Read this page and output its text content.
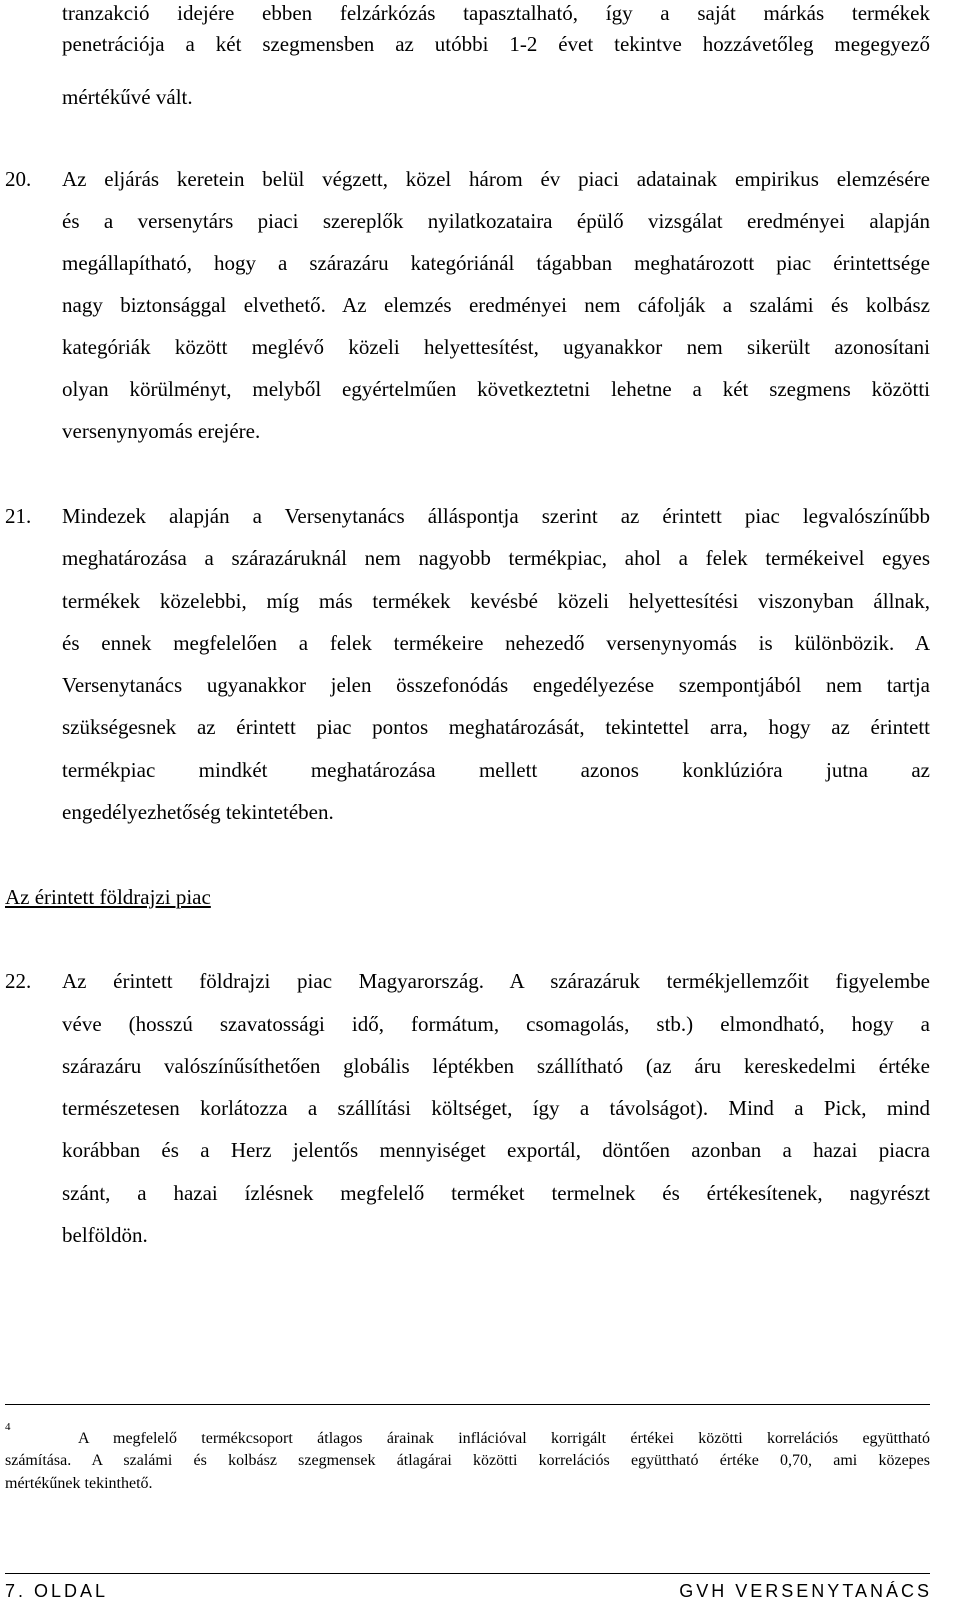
tranzakció idejére ebben felzárkózás tapasztalható, így a saját márkás termékek
penetrációja a két szegmensben az utóbbi 1-2 évet tekintve hozzávetőleg megegyező
mértékűvé vált.
20. Az eljárás keretein belül végzett, közel három év piaci adatainak empirikus elemzésére
és a versenytárs piaci szereplők nyilatkozataira épülő vizsgálat eredményei alapján
megállapítható, hogy a szárazáru kategóriánál tágabban meghatározott piac érintettsége
nagy biztonsággal elvethető. Az elemzés eredményei nem cáfolják a szalámi és kolbász
kategóriák között meglévő közeli helyettesítést, ugyanakkor nem sikerült azonosítani
olyan körülményt, melyből egyértelműen következtetni lehetne a két szegmens közötti
versenynyomás erejére.
21. Mindezek alapján a Versenytanács álláspontja szerint az érintett piac legvalószínűbb
meghatározása a szárazáruknál nem nagyobb termékpiac, ahol a felek termékeivel egyes
termékek közelebbi, míg más termékek kevésbé közeli helyettesítési viszonyban állnak,
és ennek megfelelően a felek termékeire nehezedő versenynyomás is különbözik. A
Versenytanács ugyanakkor jelen összefonódás engedélyezése szempontjából nem tartja
szükségesnek az érintett piac pontos meghatározását, tekintettel arra, hogy az érintett
termékpiac mindkét meghatározása mellett azonos konklúzióra jutna az
engedélyezhetőség tekintetében.
Az érintett földrajzi piac
22. Az érintett földrajzi piac Magyarország. A szárazáruk termékjellemzőit figyelembe
véve (hosszú szavatossági idő, formátum, csomagolás, stb.) elmondható, hogy a
szárazáru valószínűsíthetően globális léptékben szállítható (az áru kereskedelmi értéke
természetesen korlátozza a szállítási költséget, így a távolságot). Mind a Pick, mind
korábban és a Herz jelentős mennyiséget exportál, döntően azonban a hazai piacra
szánt, a hazai ízlésnek megfelelő terméket termelnek és értékesítenek, nagyrészt
belföldön.
4
A megfelelő termékcsoport átlagos árainak inflációval korrigált értékei közötti korrelációs együttható
számítása. A szalámi és kolbász szegmensek átlagárai közötti korrelációs együttható értéke 0,70, ami közepes
mértékűnek tekinthető.
7. OLDAL	GVH VERSENYTANÁCS
